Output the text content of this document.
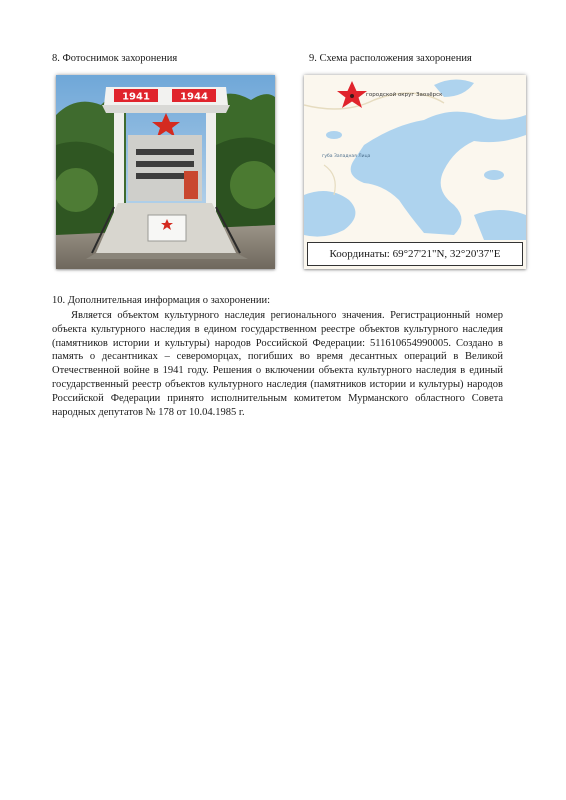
8. Фотоснимок захоронения	9. Схема расположения захоронения
1941	1944	городской округ Заозёрск
губа Западная Лица
Координаты: 69°27'21"N, 32°20'37"E
10. Дополнительная информация о захоронении:

Является объектом культурного наследия регионального значения. Регистрационный номер объекта культурного наследия в едином государственном реестре объектов культурного наследия (памятников истории и культуры) народов Российской Федерации: 511610654990005. Создано в память о десантниках – североморцах, погибших во время десантных операций в Великой Отечественной войне в 1941 году. Решения о включении объекта культурного наследия в единый государственный реестр объектов культурного наследия (памятников истории и культуры) народов Российской Федерации принято исполнительным комитетом Мурманского областного Совета народных депутатов № 178 от 10.04.1985 г.
